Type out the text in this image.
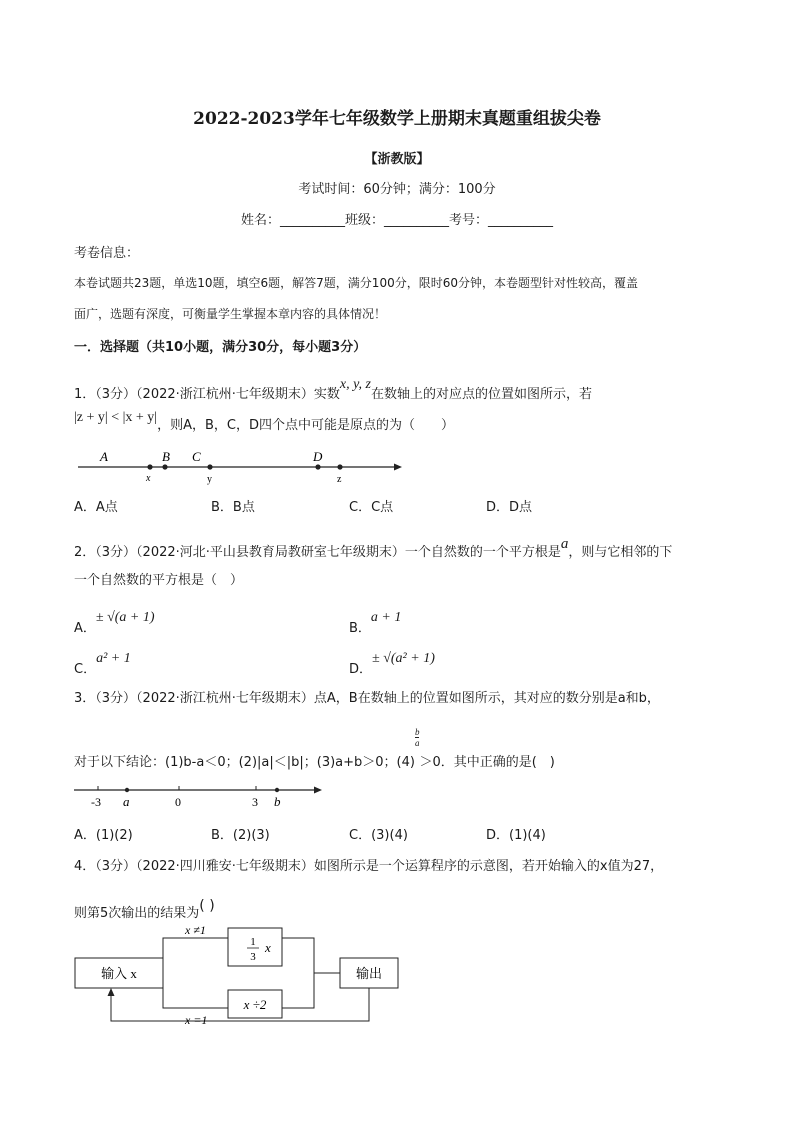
2022-2023学年七年级数学上册期末真题重组拔尖卷
【浙教版】
考试时间：60分钟；满分：100分
姓名：__________班级：__________考号：__________
考卷信息：
本卷试题共23题，单选10题，填空6题，解答7题，满分100分，限时60分钟，本卷题型针对性较高，覆盖
面广，选题有深度，可衡量学生掌握本章内容的具体情况！
一．选择题（共10小题，满分30分，每小题3分）
1．（3分）（2022·浙江杭州·七年级期末）实数x, y, z在数轴上的对应点的位置如图所示，若
|z + y| < |x + y|，则A，B，C，D四个点中可能是原点的为（　　）
A	B C	D
x	y	z
A．A点	B．B点	C．C点	D．D点
2．（3分）（2022·河北·平山县教育局教研室七年级期末）一个自然数的一个平方根是a，则与它相邻的下
一个自然数的平方根是（　）
A．± √(a + 1)
B．a + 1
C．a² + 1
D．± √(a² + 1)
3．（3分）（2022·浙江杭州·七年级期末）点A，B在数轴上的位置如图所示，其对应的数分别是a和b，
对于以下结论：(1)b-a＜0；(2)|a|＜|b|；(3)a+b＞0；(4)
$\frac{b}{a}$
＞0．其中正确的是(　)
-3 a	0	3 b
A．(1)(2)	B．(2)(3)	C．(3)(4)	D．(1)(4)
4．（3分）（2022·四川雅安·七年级期末）如图所示是一个运算程序的示意图，若开始输入的x值为27，
则第5次输出的结果为( )
输入 x
1
3
x
x ÷2
输出
x ≠1
x =1
